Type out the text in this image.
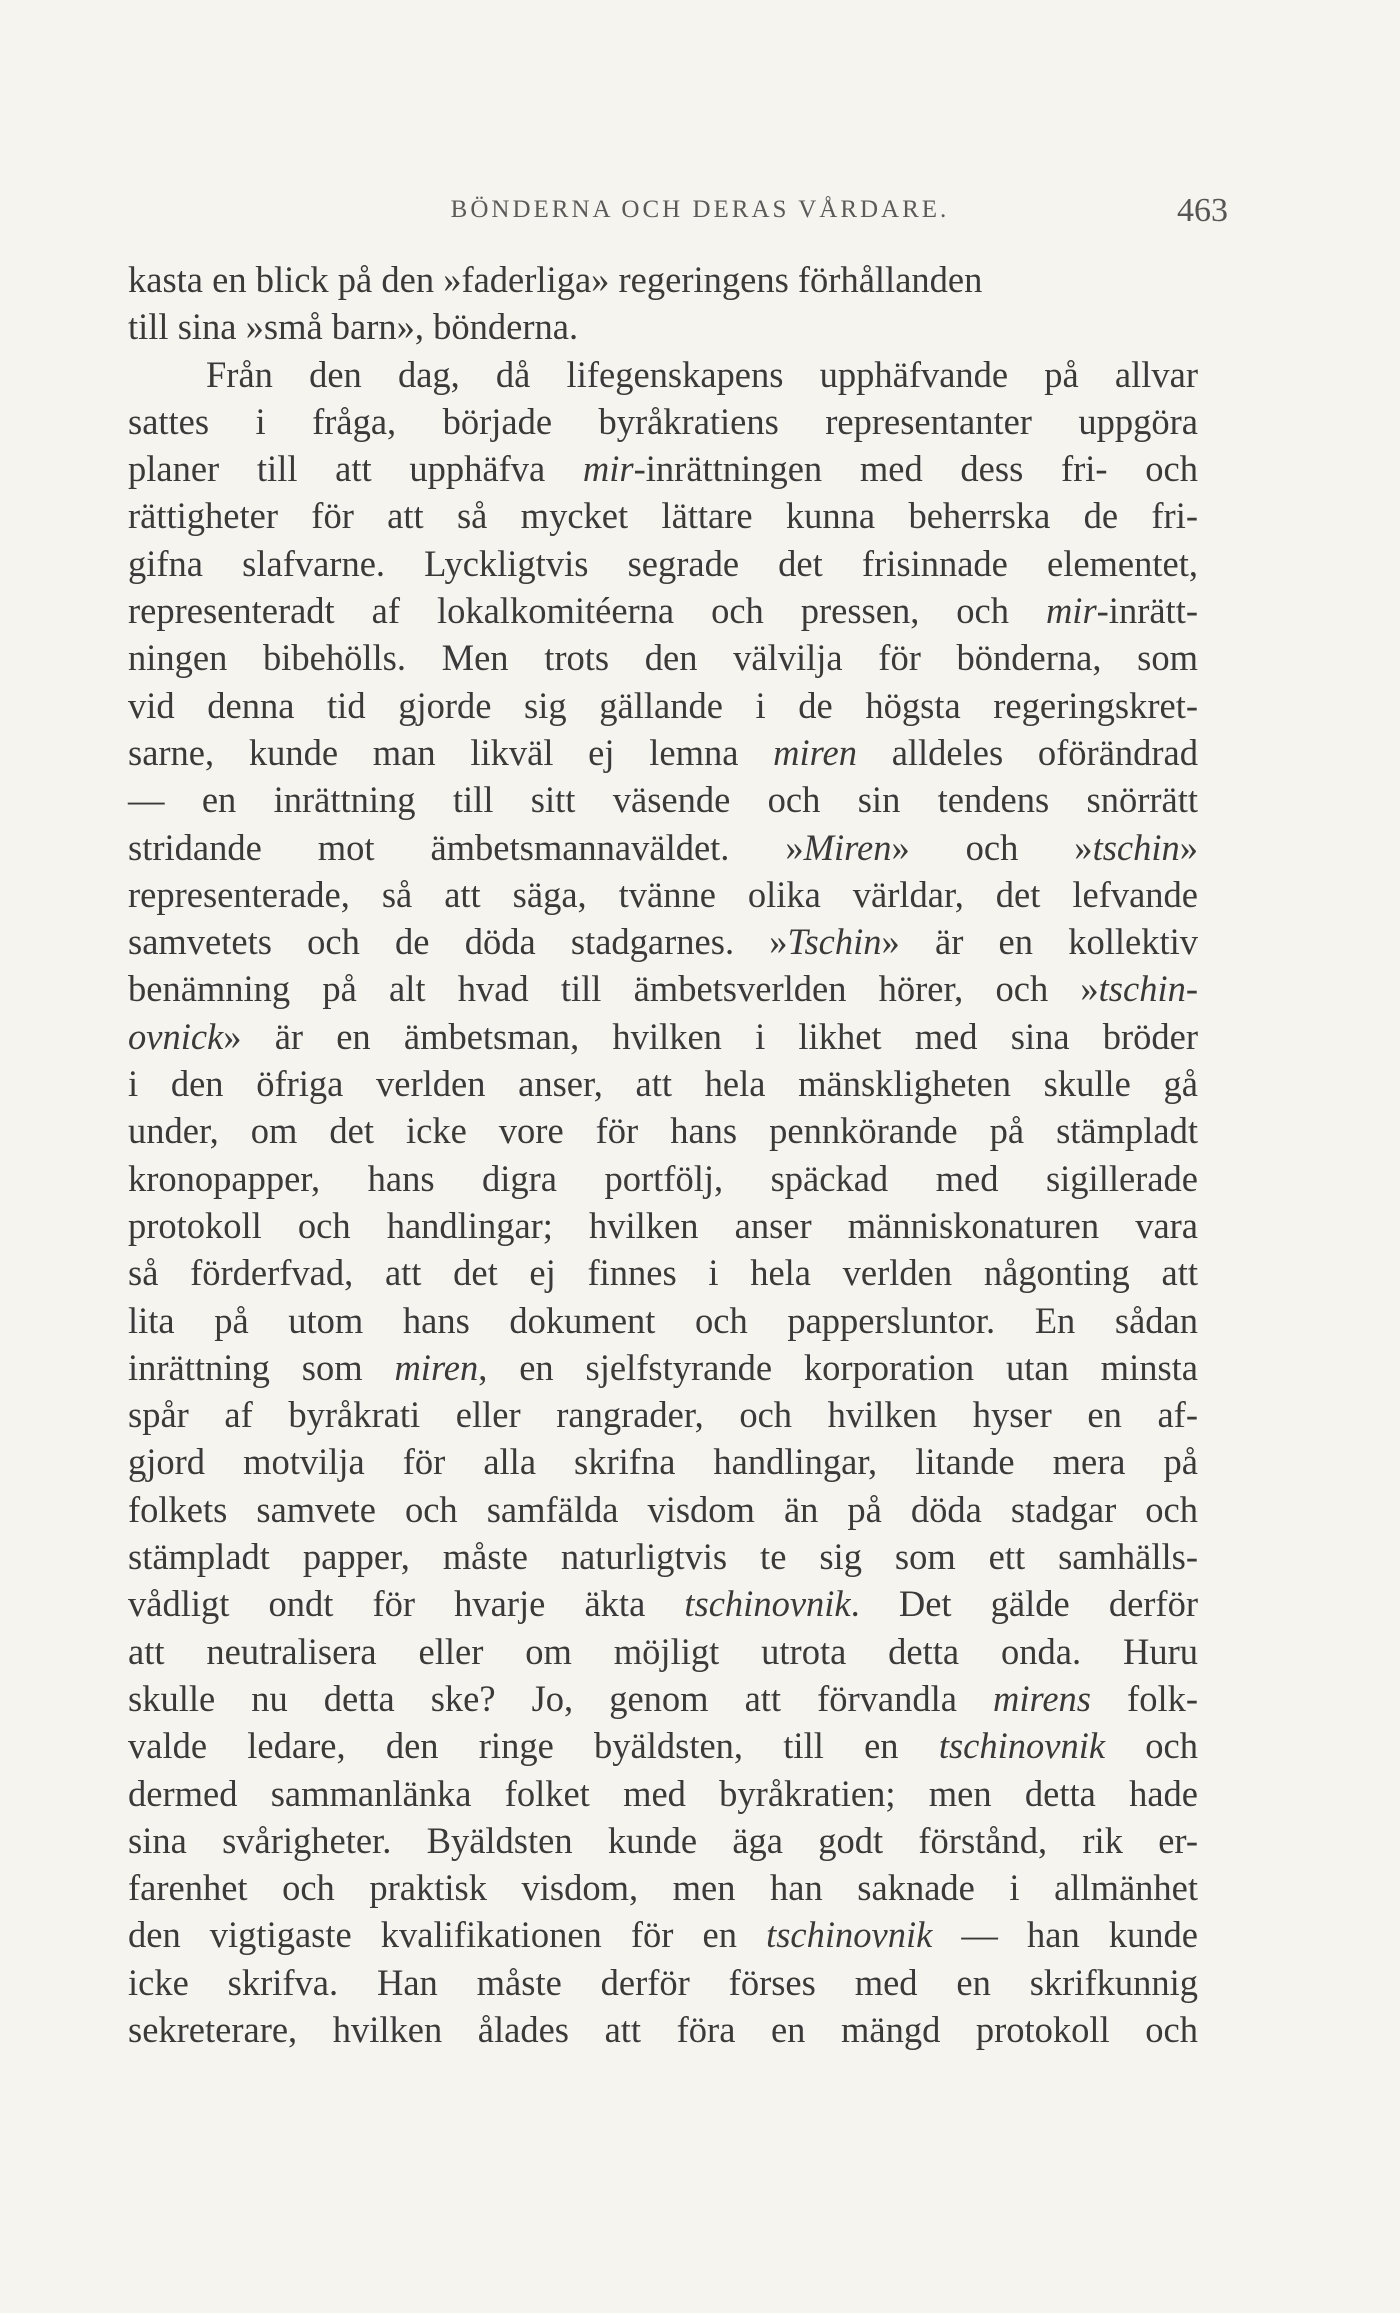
BÖNDERNA OCH DERAS VÅRDARE.	463
kasta en blick på den »faderliga» regeringens förhållanden
till sina »små barn», bönderna.
Från den dag, då lifegenskapens upphäfvande på allvar
sattes i fråga, började byråkratiens representanter uppgöra
planer till att upphäfva mir-inrättningen med dess fri- och
rättigheter för att så mycket lättare kunna beherrska de fri-
gifna slafvarne. Lyckligtvis segrade det frisinnade elementet,
representeradt af lokalkomitéerna och pressen, och mir-inrätt-
ningen bibehölls. Men trots den välvilja för bönderna, som
vid denna tid gjorde sig gällande i de högsta regeringskret-
sarne, kunde man likväl ej lemna miren alldeles oförändrad
— en inrättning till sitt väsende och sin tendens snörrätt
stridande mot ämbetsmannaväldet. »Miren» och »tschin»
representerade, så att säga, tvänne olika världar, det lefvande
samvetets och de döda stadgarnes. »Tschin» är en kollektiv
benämning på alt hvad till ämbetsverlden hörer, och »tschin-
ovnick» är en ämbetsman, hvilken i likhet med sina bröder
i den öfriga verlden anser, att hela mänskligheten skulle gå
under, om det icke vore för hans pennkörande på stämpladt
kronopapper, hans digra portfölj, späckad med sigillerade
protokoll och handlingar; hvilken anser människonaturen vara
så förderfvad, att det ej finnes i hela verlden någonting att
lita på utom hans dokument och pappersluntor. En sådan
inrättning som miren, en sjelfstyrande korporation utan minsta
spår af byråkrati eller rangrader, och hvilken hyser en af-
gjord motvilja för alla skrifna handlingar, litande mera på
folkets samvete och samfälda visdom än på döda stadgar och
stämpladt papper, måste naturligtvis te sig som ett samhälls-
vådligt ondt för hvarje äkta tschinovnik. Det gälde derför
att neutralisera eller om möjligt utrota detta onda. Huru
skulle nu detta ske? Jo, genom att förvandla mirens folk-
valde ledare, den ringe byäldsten, till en tschinovnik och
dermed sammanlänka folket med byråkratien; men detta hade
sina svårigheter. Byäldsten kunde äga godt förstånd, rik er-
farenhet och praktisk visdom, men han saknade i allmänhet
den vigtigaste kvalifikationen för en tschinovnik — han kunde
icke skrifva. Han måste derför förses med en skrifkunnig
sekreterare, hvilken ålades att föra en mängd protokoll och
